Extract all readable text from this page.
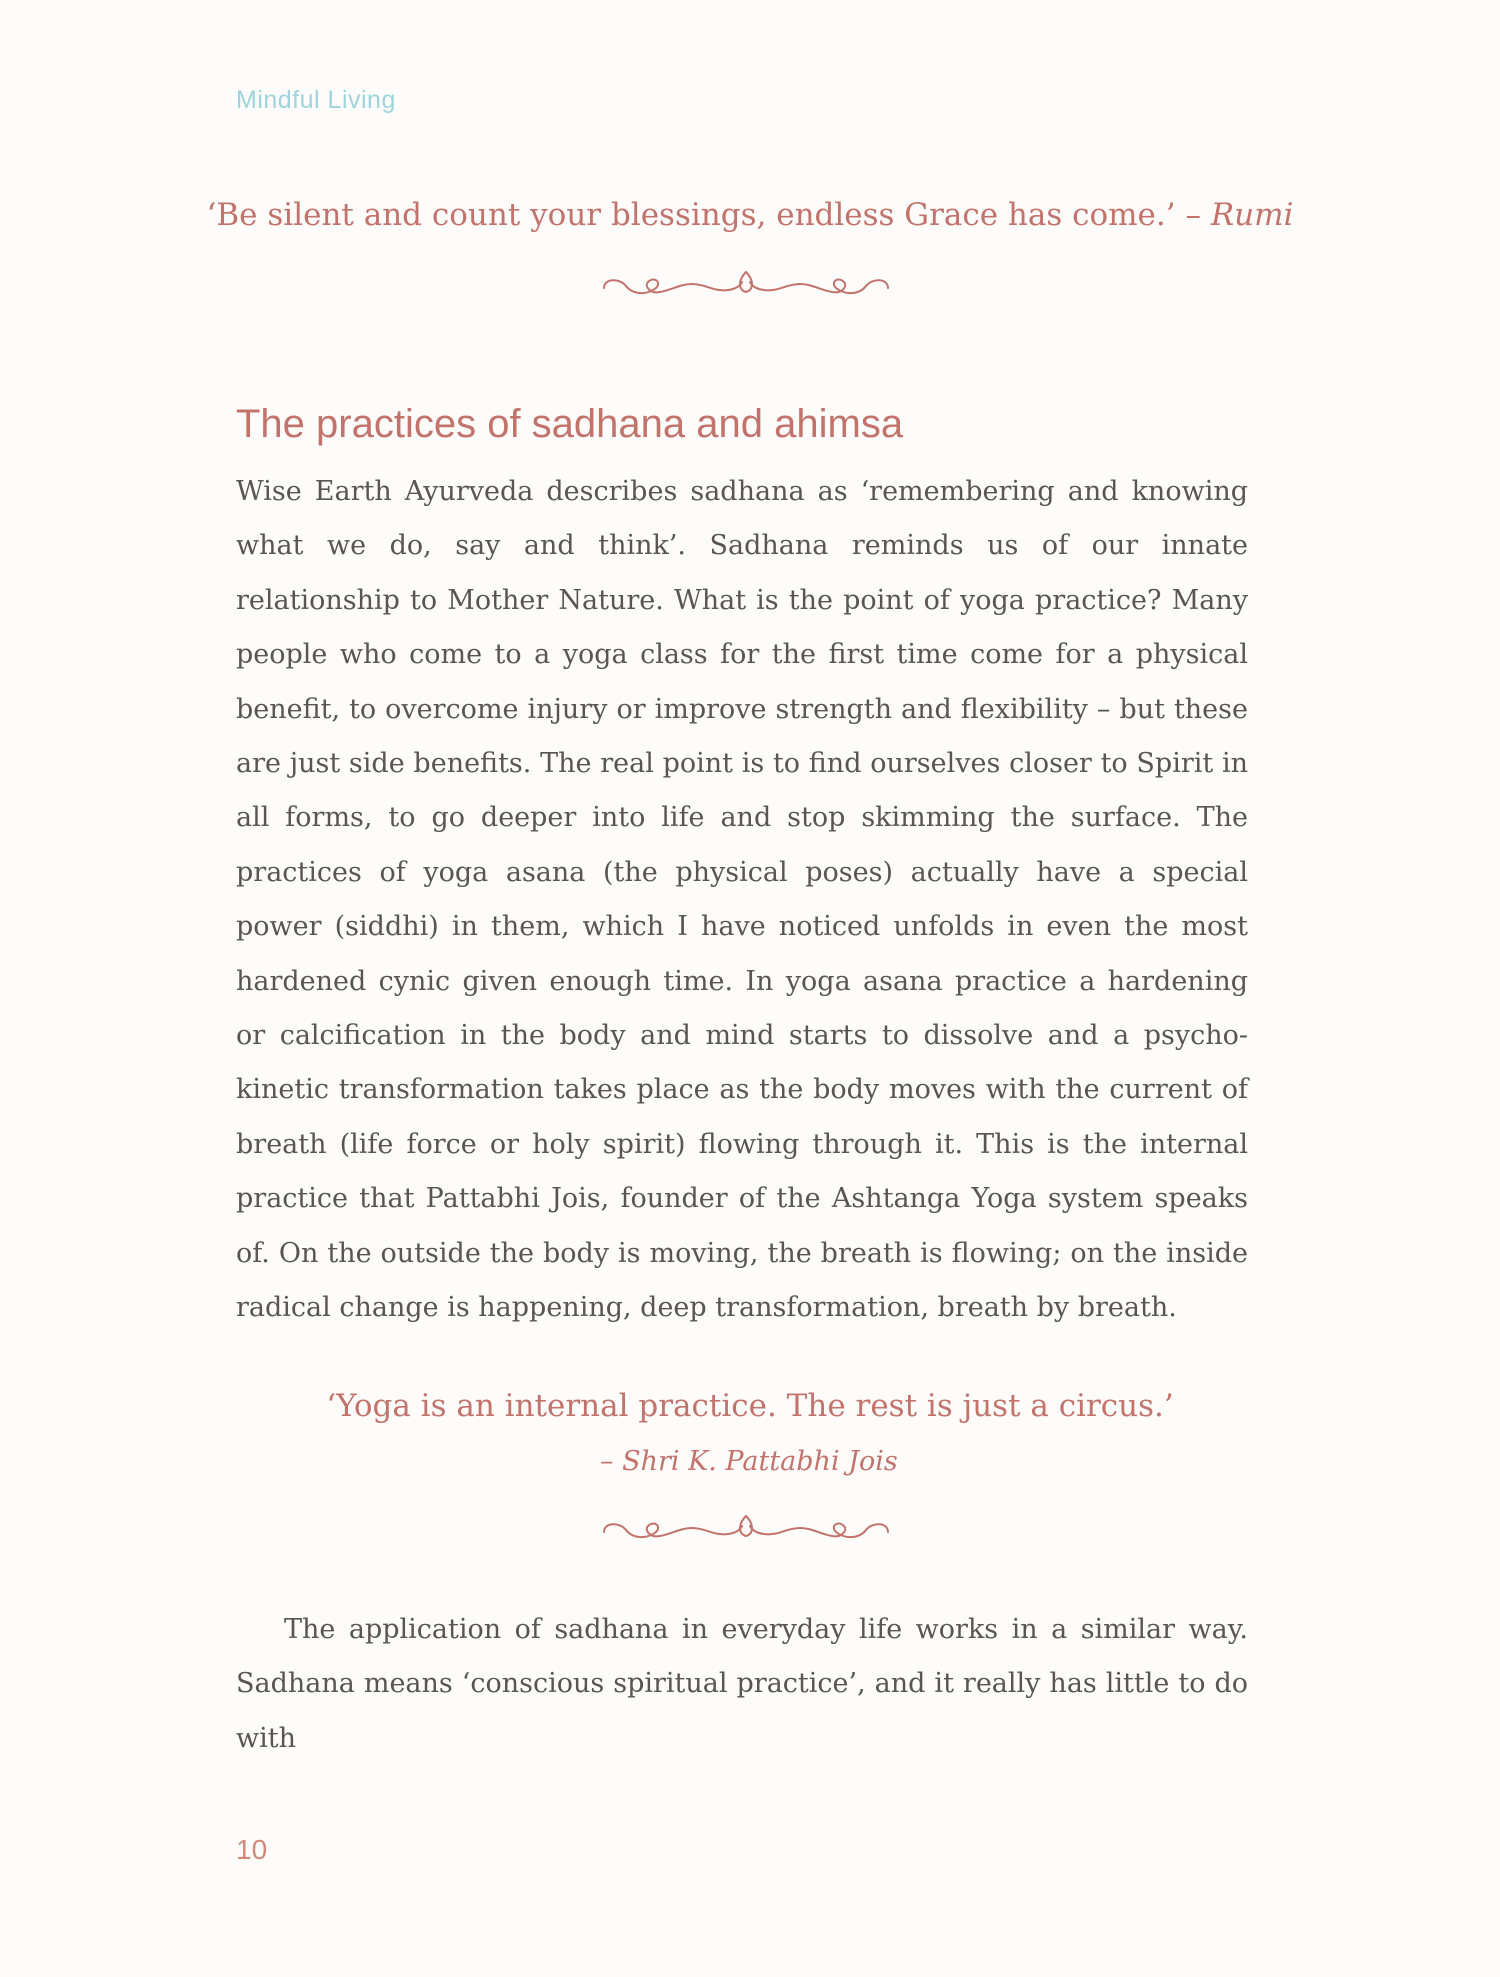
Mindful Living
‘Be silent and count your blessings, endless Grace has come.’ – Rumi
The practices of sadhana and ahimsa

Wise Earth Ayurveda describes sadhana as ‘remembering and knowing what we do, say and think’. Sadhana reminds us of our innate relationship to Mother Nature. What is the point of yoga practice? Many people who come to a yoga class for the first time come for a physical benefit, to overcome injury or improve strength and flexibility – but these are just side benefits. The real point is to find ourselves closer to Spirit in all forms, to go deeper into life and stop skimming the surface. The practices of yoga asana (the physical poses) actually have a special power (siddhi) in them, which I have noticed unfolds in even the most hardened cynic given enough time. In yoga asana practice a hardening or calcification in the body and mind starts to dissolve and a psycho-kinetic transformation takes place as the body moves with the current of breath (life force or holy spirit) flowing through it. This is the internal practice that Pattabhi Jois, founder of the Ashtanga Yoga system speaks of. On the outside the body is moving, the breath is flowing; on the inside radical change is happening, deep transformation, breath by breath.

‘Yoga is an internal practice. The rest is just a circus.’
– Shri K. Pattabhi Jois

The application of sadhana in everyday life works in a similar way. Sadhana means ‘conscious spiritual practice’, and it really has little to do with

10
